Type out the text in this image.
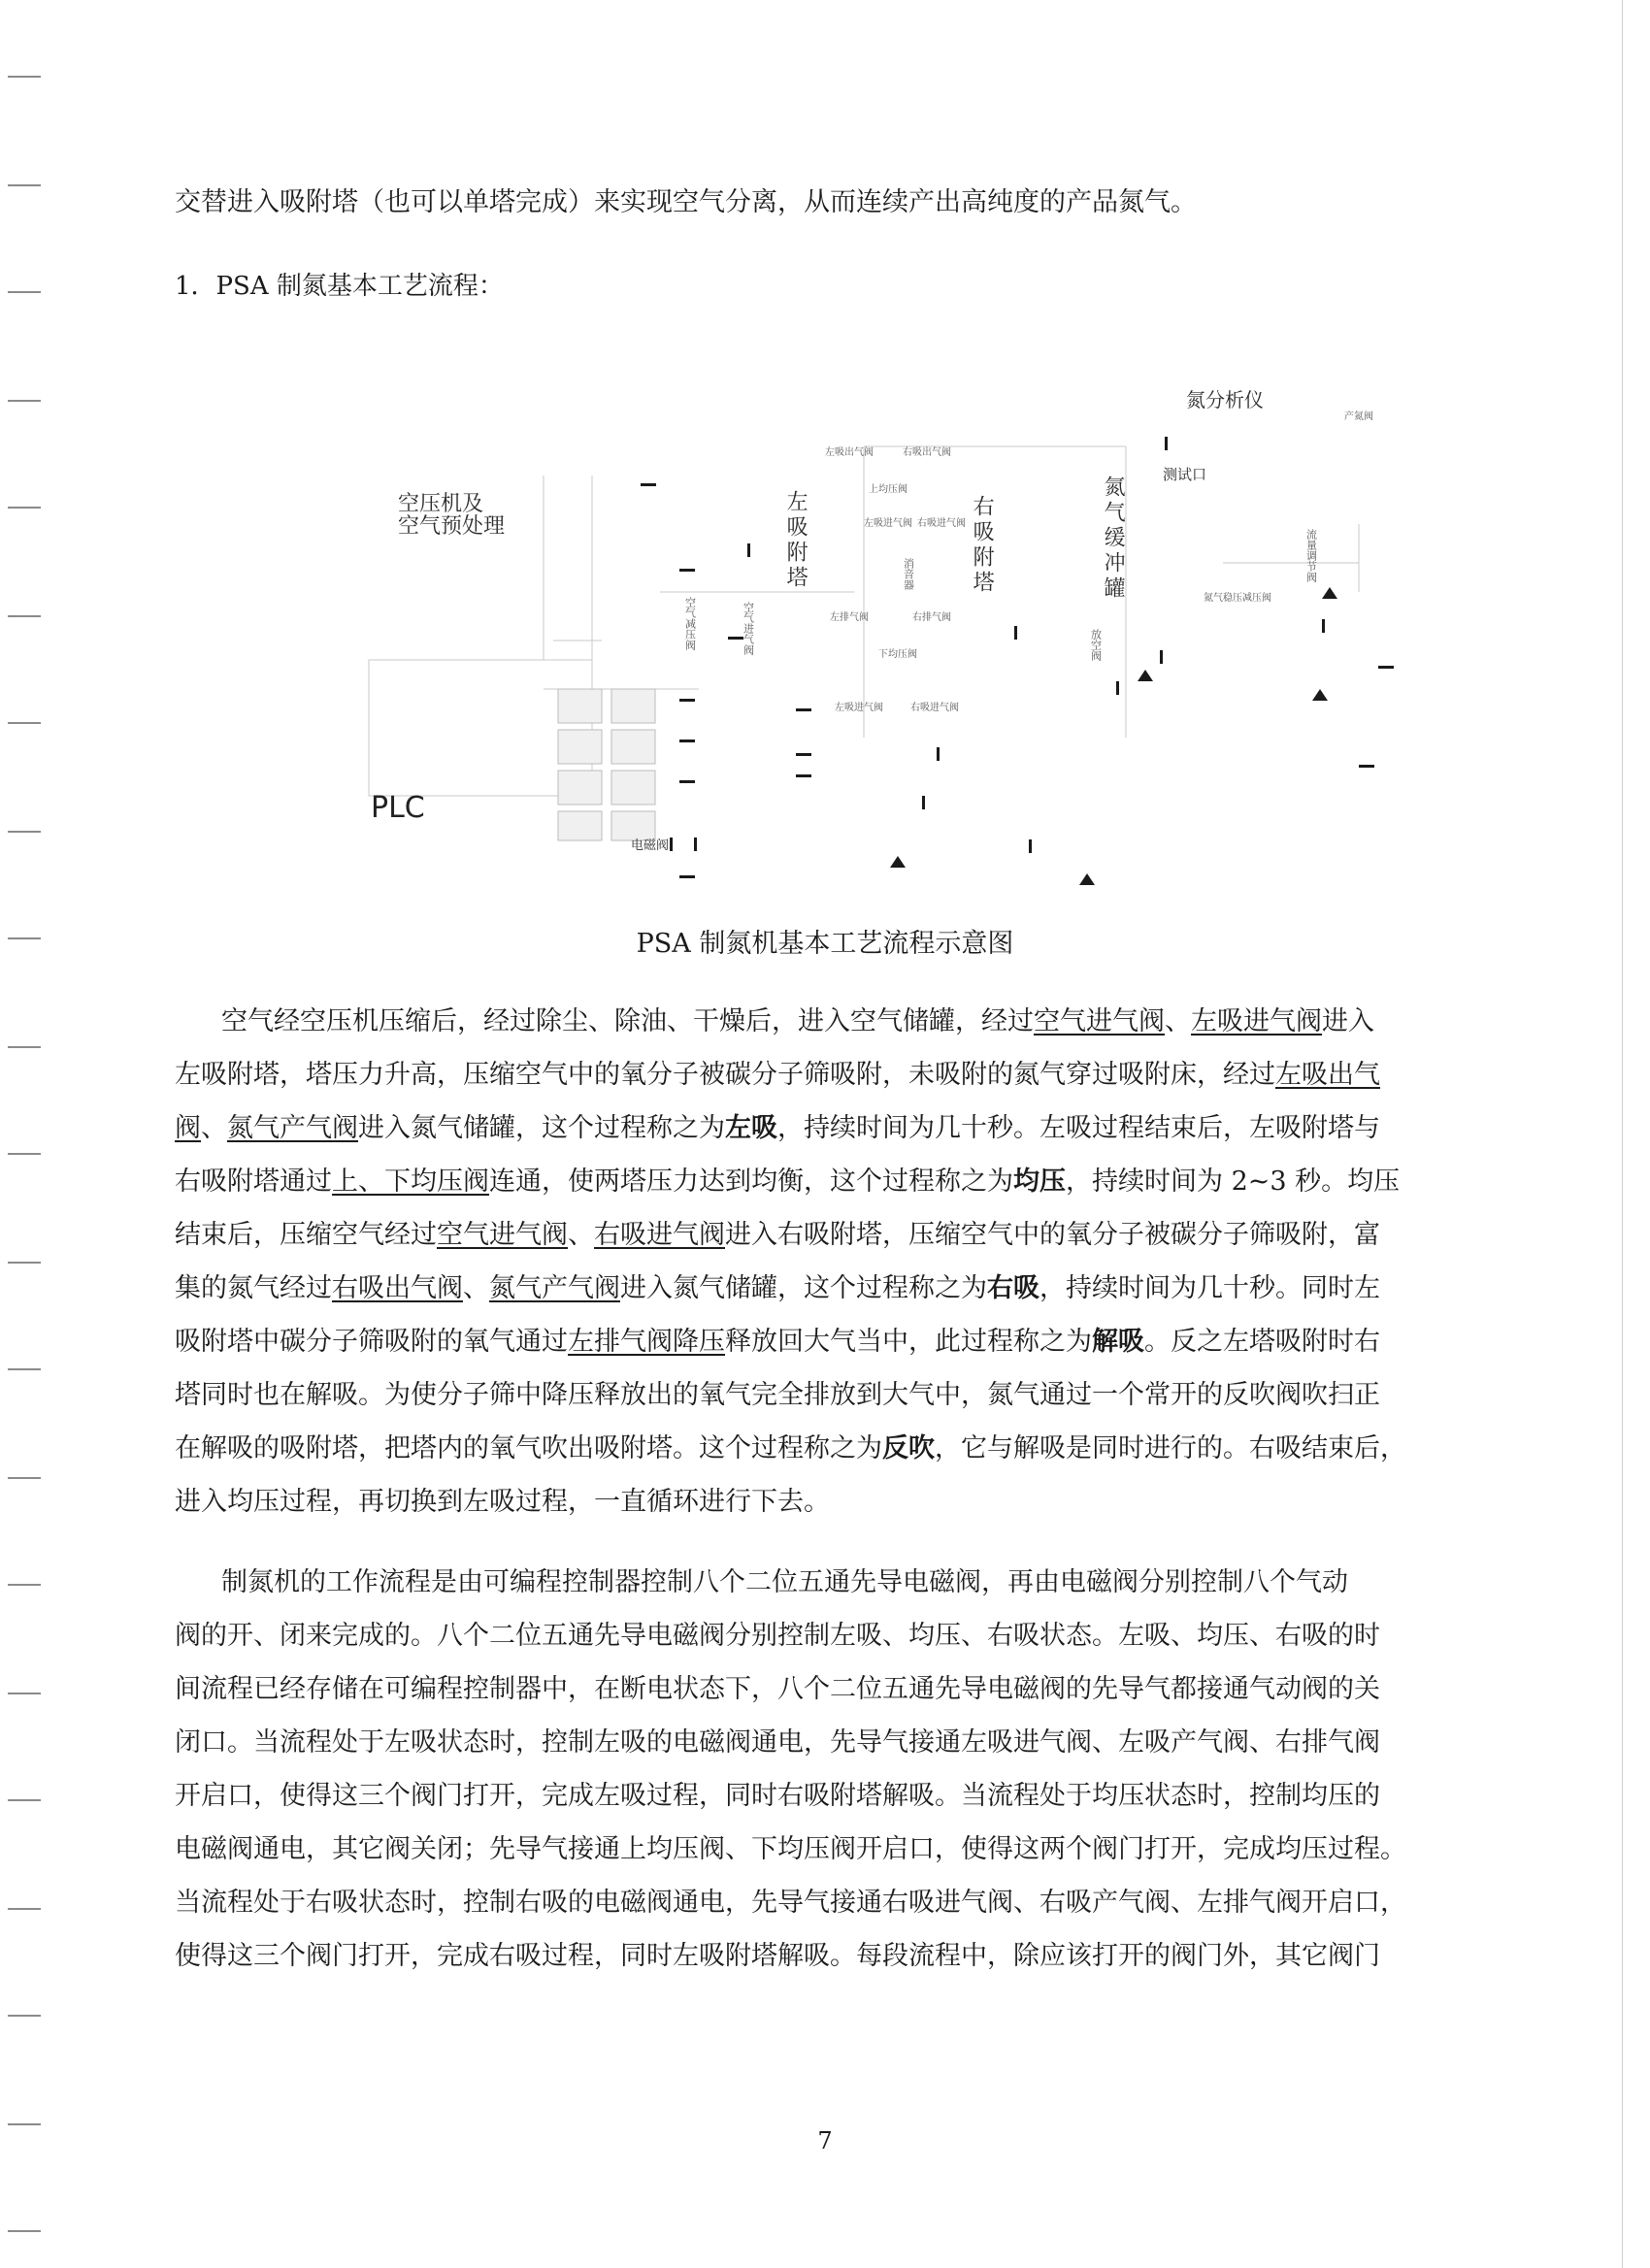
交替进入吸附塔（也可以单塔完成）来实现空气分离，从而连续产出高纯度的产品氮气。
1．PSA 制氮基本工艺流程：
空压机及
空气预处理	左吸附塔	右吸附塔	氮气缓冲罐
氮分析仪
PLC
电磁阀
测试口
产氮阀
左吸出气阀	右吸出气阀
上均压阀
左吸进气阀
消音器
右吸进气阀
左排气阀	右排气阀
下均压阀
左吸进气阀	右吸进气阀
空气进气阀
空气减压阀	氮气稳压减压阀
流量调节阀
放空阀
PSA 制氮机基本工艺流程示意图
空气经空压机压缩后，经过除尘、除油、干燥后，进入空气储罐，经过空气进气阀、左吸进气阀进入
左吸附塔，塔压力升高，压缩空气中的氧分子被碳分子筛吸附，未吸附的氮气穿过吸附床，经过左吸出气
阀、氮气产气阀进入氮气储罐，这个过程称之为左吸，持续时间为几十秒。左吸过程结束后，左吸附塔与
右吸附塔通过上、下均压阀连通，使两塔压力达到均衡，这个过程称之为均压，持续时间为 2~3 秒。均压
结束后，压缩空气经过空气进气阀、右吸进气阀进入右吸附塔，压缩空气中的氧分子被碳分子筛吸附，富
集的氮气经过右吸出气阀、氮气产气阀进入氮气储罐，这个过程称之为右吸，持续时间为几十秒。同时左
吸附塔中碳分子筛吸附的氧气通过左排气阀降压释放回大气当中，此过程称之为解吸。反之左塔吸附时右
塔同时也在解吸。为使分子筛中降压释放出的氧气完全排放到大气中，氮气通过一个常开的反吹阀吹扫正
在解吸的吸附塔，把塔内的氧气吹出吸附塔。这个过程称之为反吹，它与解吸是同时进行的。右吸结束后，
进入均压过程，再切换到左吸过程，一直循环进行下去。
制氮机的工作流程是由可编程控制器控制八个二位五通先导电磁阀，再由电磁阀分别控制八个气动
阀的开、闭来完成的。八个二位五通先导电磁阀分别控制左吸、均压、右吸状态。左吸、均压、右吸的时
间流程已经存储在可编程控制器中，在断电状态下，八个二位五通先导电磁阀的先导气都接通气动阀的关
闭口。当流程处于左吸状态时，控制左吸的电磁阀通电，先导气接通左吸进气阀、左吸产气阀、右排气阀
开启口，使得这三个阀门打开，完成左吸过程，同时右吸附塔解吸。当流程处于均压状态时，控制均压的
电磁阀通电，其它阀关闭；先导气接通上均压阀、下均压阀开启口，使得这两个阀门打开，完成均压过程。
当流程处于右吸状态时，控制右吸的电磁阀通电，先导气接通右吸进气阀、右吸产气阀、左排气阀开启口，
使得这三个阀门打开，完成右吸过程，同时左吸附塔解吸。每段流程中，除应该打开的阀门外，其它阀门
7
